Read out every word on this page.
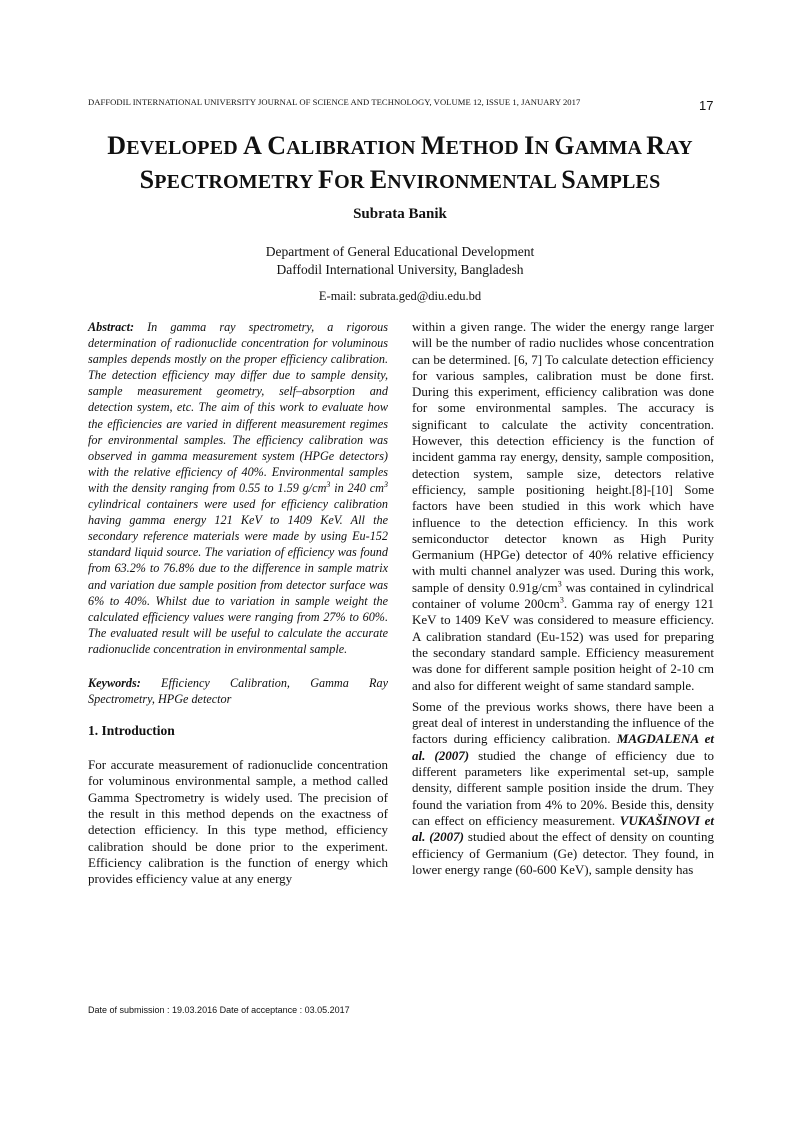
DAFFODIL INTERNATIONAL UNIVERSITY JOURNAL OF SCIENCE AND TECHNOLOGY, VOLUME 12, ISSUE 1, JANUARY 2017	17
DEVELOPED A CALIBRATION METHOD IN GAMMA RAY
SPECTROMETRY FOR ENVIRONMENTAL SAMPLES
Subrata Banik
Department of General Educational Development
Daffodil International University, Bangladesh
E-mail: subrata.ged@diu.edu.bd

Abstract: In gamma ray spectrometry, a rigorous determination of radionuclide concentration for voluminous samples depends mostly on the proper efficiency calibration. The detection efficiency may differ due to sample density, sample measurement geometry, self–absorption and detection system, etc. The aim of this work to evaluate how the efficiencies are varied in different measurement regimes for environmental samples. The efficiency calibration was observed in gamma measurement system (HPGe detectors) with the relative efficiency of 40%. Environmental samples with the density ranging from 0.55 to 1.59 $g/cm^3$ in 240 $cm^3$ cylindrical containers were used for efficiency calibration having gamma energy 121 KeV to 1409 KeV. All the secondary reference materials were made by using Eu-152 standard liquid source. The variation of efficiency was found from 63.2% to 76.8% due to the difference in sample matrix and variation due sample position from detector surface was 6% to 40%. Whilst due to variation in sample weight the calculated efficiency values were ranging from 27% to 60%. The evaluated result will be useful to calculate the accurate radionuclide concentration in environmental sample.

Keywords: Efficiency Calibration, Gamma Ray Spectrometry, HPGe detector

1. Introduction

For accurate measurement of radionuclide concentration for voluminous environmental sample, a method called Gamma Spectrometry is widely used. The precision of the result in this method depends on the exactness of detection efficiency. In this type method, efficiency calibration should be done prior to the experiment. Efficiency calibration is the function of energy which provides efficiency value at any energy

within a given range. The wider the energy range larger will be the number of radio nuclides whose concentration can be determined. [6, 7] To calculate detection efficiency for various samples, calibration must be done first. During this experiment, efficiency calibration was done for some environmental samples. The accuracy is significant to calculate the activity concentration. However, this detection efficiency is the function of incident gamma ray energy, density, sample composition, detection system, sample size, detectors relative efficiency, sample positioning height.[8]-[10] Some factors have been studied in this work which have influence to the detection efficiency. In this work semiconductor detector known as High Purity Germanium (HPGe) detector of 40% relative efficiency with multi channel analyzer was used. During this work, sample of density $0.91g/cm^3$ was contained in cylindrical container of volume $200cm^3$. Gamma ray of energy 121 KeV to 1409 KeV was considered to measure efficiency. A calibration standard (Eu-152) was used for preparing the secondary standard sample. Efficiency measurement was done for different sample position height of 2-10 cm and also for different weight of same standard sample.

Some of the previous works shows, there have been a great deal of interest in understanding the influence of the factors during efficiency calibration. MAGDALENA et al. (2007) studied the change of efficiency due to different parameters like experimental set-up, sample density, different sample position inside the drum. They found the variation from 4% to 20%. Beside this, density can effect on efficiency measurement. VUKAŠINOVI et al. (2007) studied about the effect of density on counting efficiency of Germanium (Ge) detector. They found, in lower energy range (60-600 KeV), sample density has

Date of submission : 19.03.2016 Date of acceptance : 03.05.2017
